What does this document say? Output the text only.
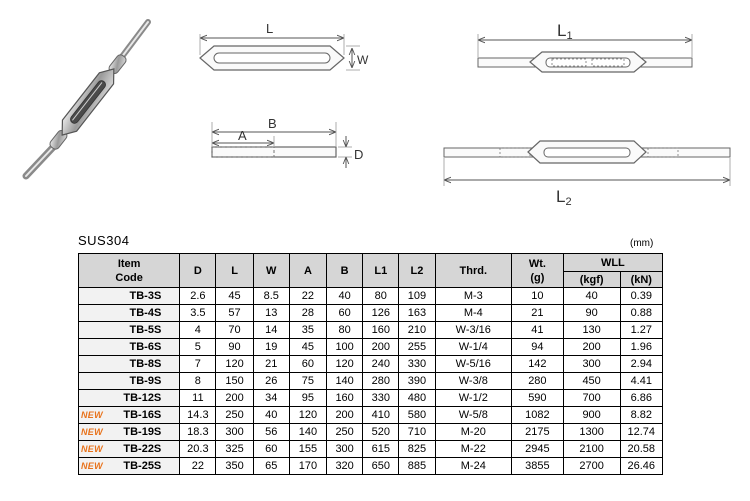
L
W
B
A
D
L1
L2
SUS304	(mm)
Item
Code	D	L	W	A	B	L1	L2	Thrd.	Wt.
(g)	WLL	
										(kgf)	(kN)
TB-3S	2.6	45	8.5	22	40	80	109	M-3	10	40	0.39
TB-4S	3.5	57	13	28	60	126	163	M-4	21	90	0.88
TB-5S	4	70	14	35	80	160	210	W-3/16	41	130	1.27
TB-6S	5	90	19	45	100	200	255	W-1/4	94	200	1.96
TB-8S	7	120	21	60	120	240	330	W-5/16	142	300	2.94
TB-9S	8	150	26	75	140	280	390	W-3/8	280	450	4.41
TB-12S	11	200	34	95	160	330	480	W-1/2	590	700	6.86
TB-16S	14.3	250	40	120	200	410	580	W-5/8	1082	900	8.82
TB-19S	18.3	300	56	140	250	520	710	M-20	2175	1300	12.74
TB-22S	20.3	325	60	155	300	615	825	M-22	2945	2100	20.58
TB-25S	22	350	65	170	320	650	885	M-24	3855	2700	26.46
NEW
NEW
NEW
NEW
